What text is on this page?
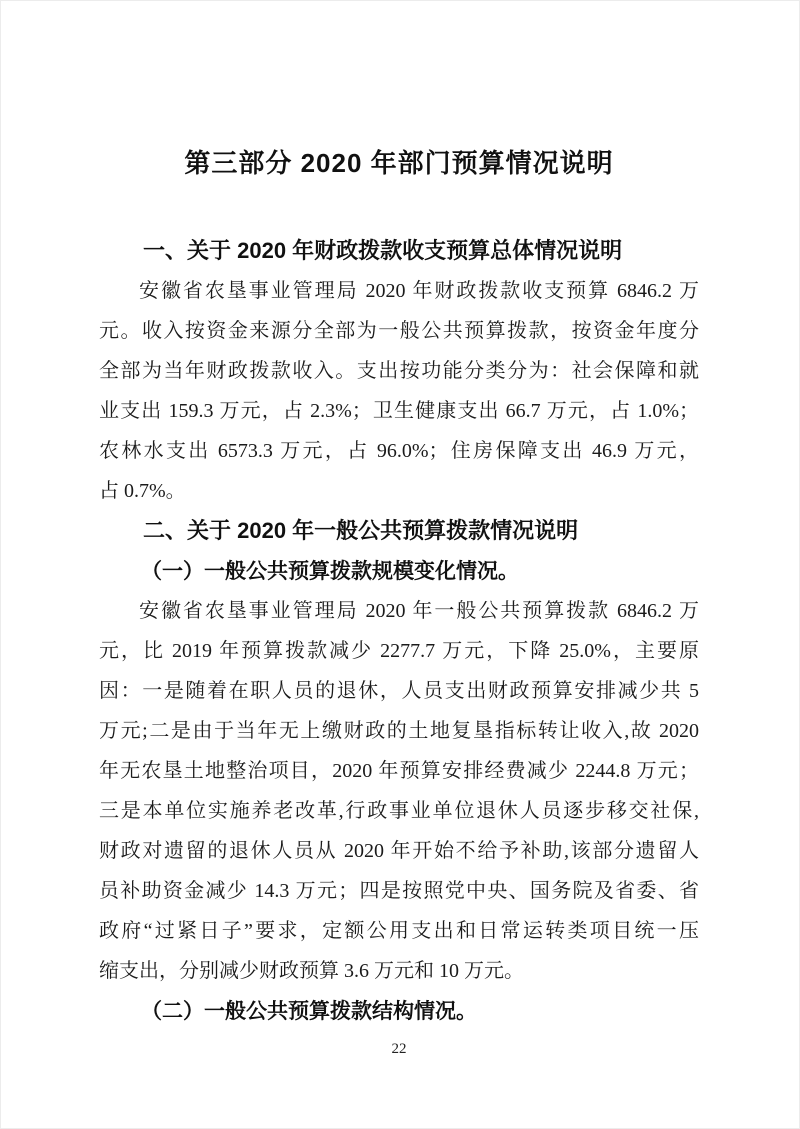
第三部分 2020 年部门预算情况说明
一、关于 2020 年财政拨款收支预算总体情况说明
安徽省农垦事业管理局 2020 年财政拨款收支预算 6846.2 万
元。收入按资金来源分全部为一般公共预算拨款，按资金年度分
全部为当年财政拨款收入。支出按功能分类分为：社会保障和就
业支出 159.3 万元，占 2.3%；卫生健康支出 66.7 万元，占 1.0%；
农林水支出 6573.3 万元，占 96.0%；住房保障支出 46.9 万元，
占 0.7%。
二、关于 2020 年一般公共预算拨款情况说明
（一）一般公共预算拨款规模变化情况。
安徽省农垦事业管理局 2020 年一般公共预算拨款 6846.2 万
元，比 2019 年预算拨款减少 2277.7 万元，下降 25.0%，主要原
因：一是随着在职人员的退休，人员支出财政预算安排减少共 5
万元;二是由于当年无上缴财政的土地复垦指标转让收入,故 2020
年无农垦土地整治项目，2020 年预算安排经费减少 2244.8 万元；
三是本单位实施养老改革,行政事业单位退休人员逐步移交社保,
财政对遗留的退休人员从 2020 年开始不给予补助,该部分遗留人
员补助资金减少 14.3 万元；四是按照党中央、国务院及省委、省
政府“过紧日子”要求，定额公用支出和日常运转类项目统一压
缩支出，分别减少财政预算 3.6 万元和 10 万元。
（二）一般公共预算拨款结构情况。
22
